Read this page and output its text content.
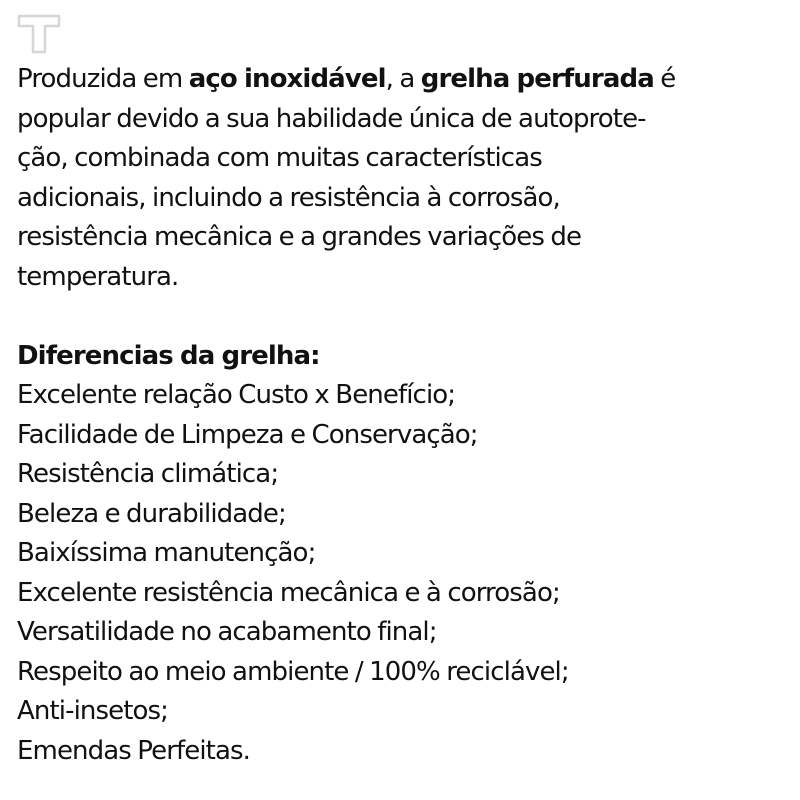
Produzida em aço inoxidável, a grelha perfurada é
popular devido a sua habilidade única de autoprote-
ção, combinada com muitas características
adicionais, incluindo a resistência à corrosão,
resistência mecânica e a grandes variações de
temperatura.

Diferencias da grelha:

Excelente relação Custo x Benefício;
Facilidade de Limpeza e Conservação;
Resistência climática;
Beleza e durabilidade;
Baixíssima manutenção;
Excelente resistência mecânica e à corrosão;
Versatilidade no acabamento final;
Respeito ao meio ambiente / 100% reciclável;
Anti-insetos;
Emendas Perfeitas.
